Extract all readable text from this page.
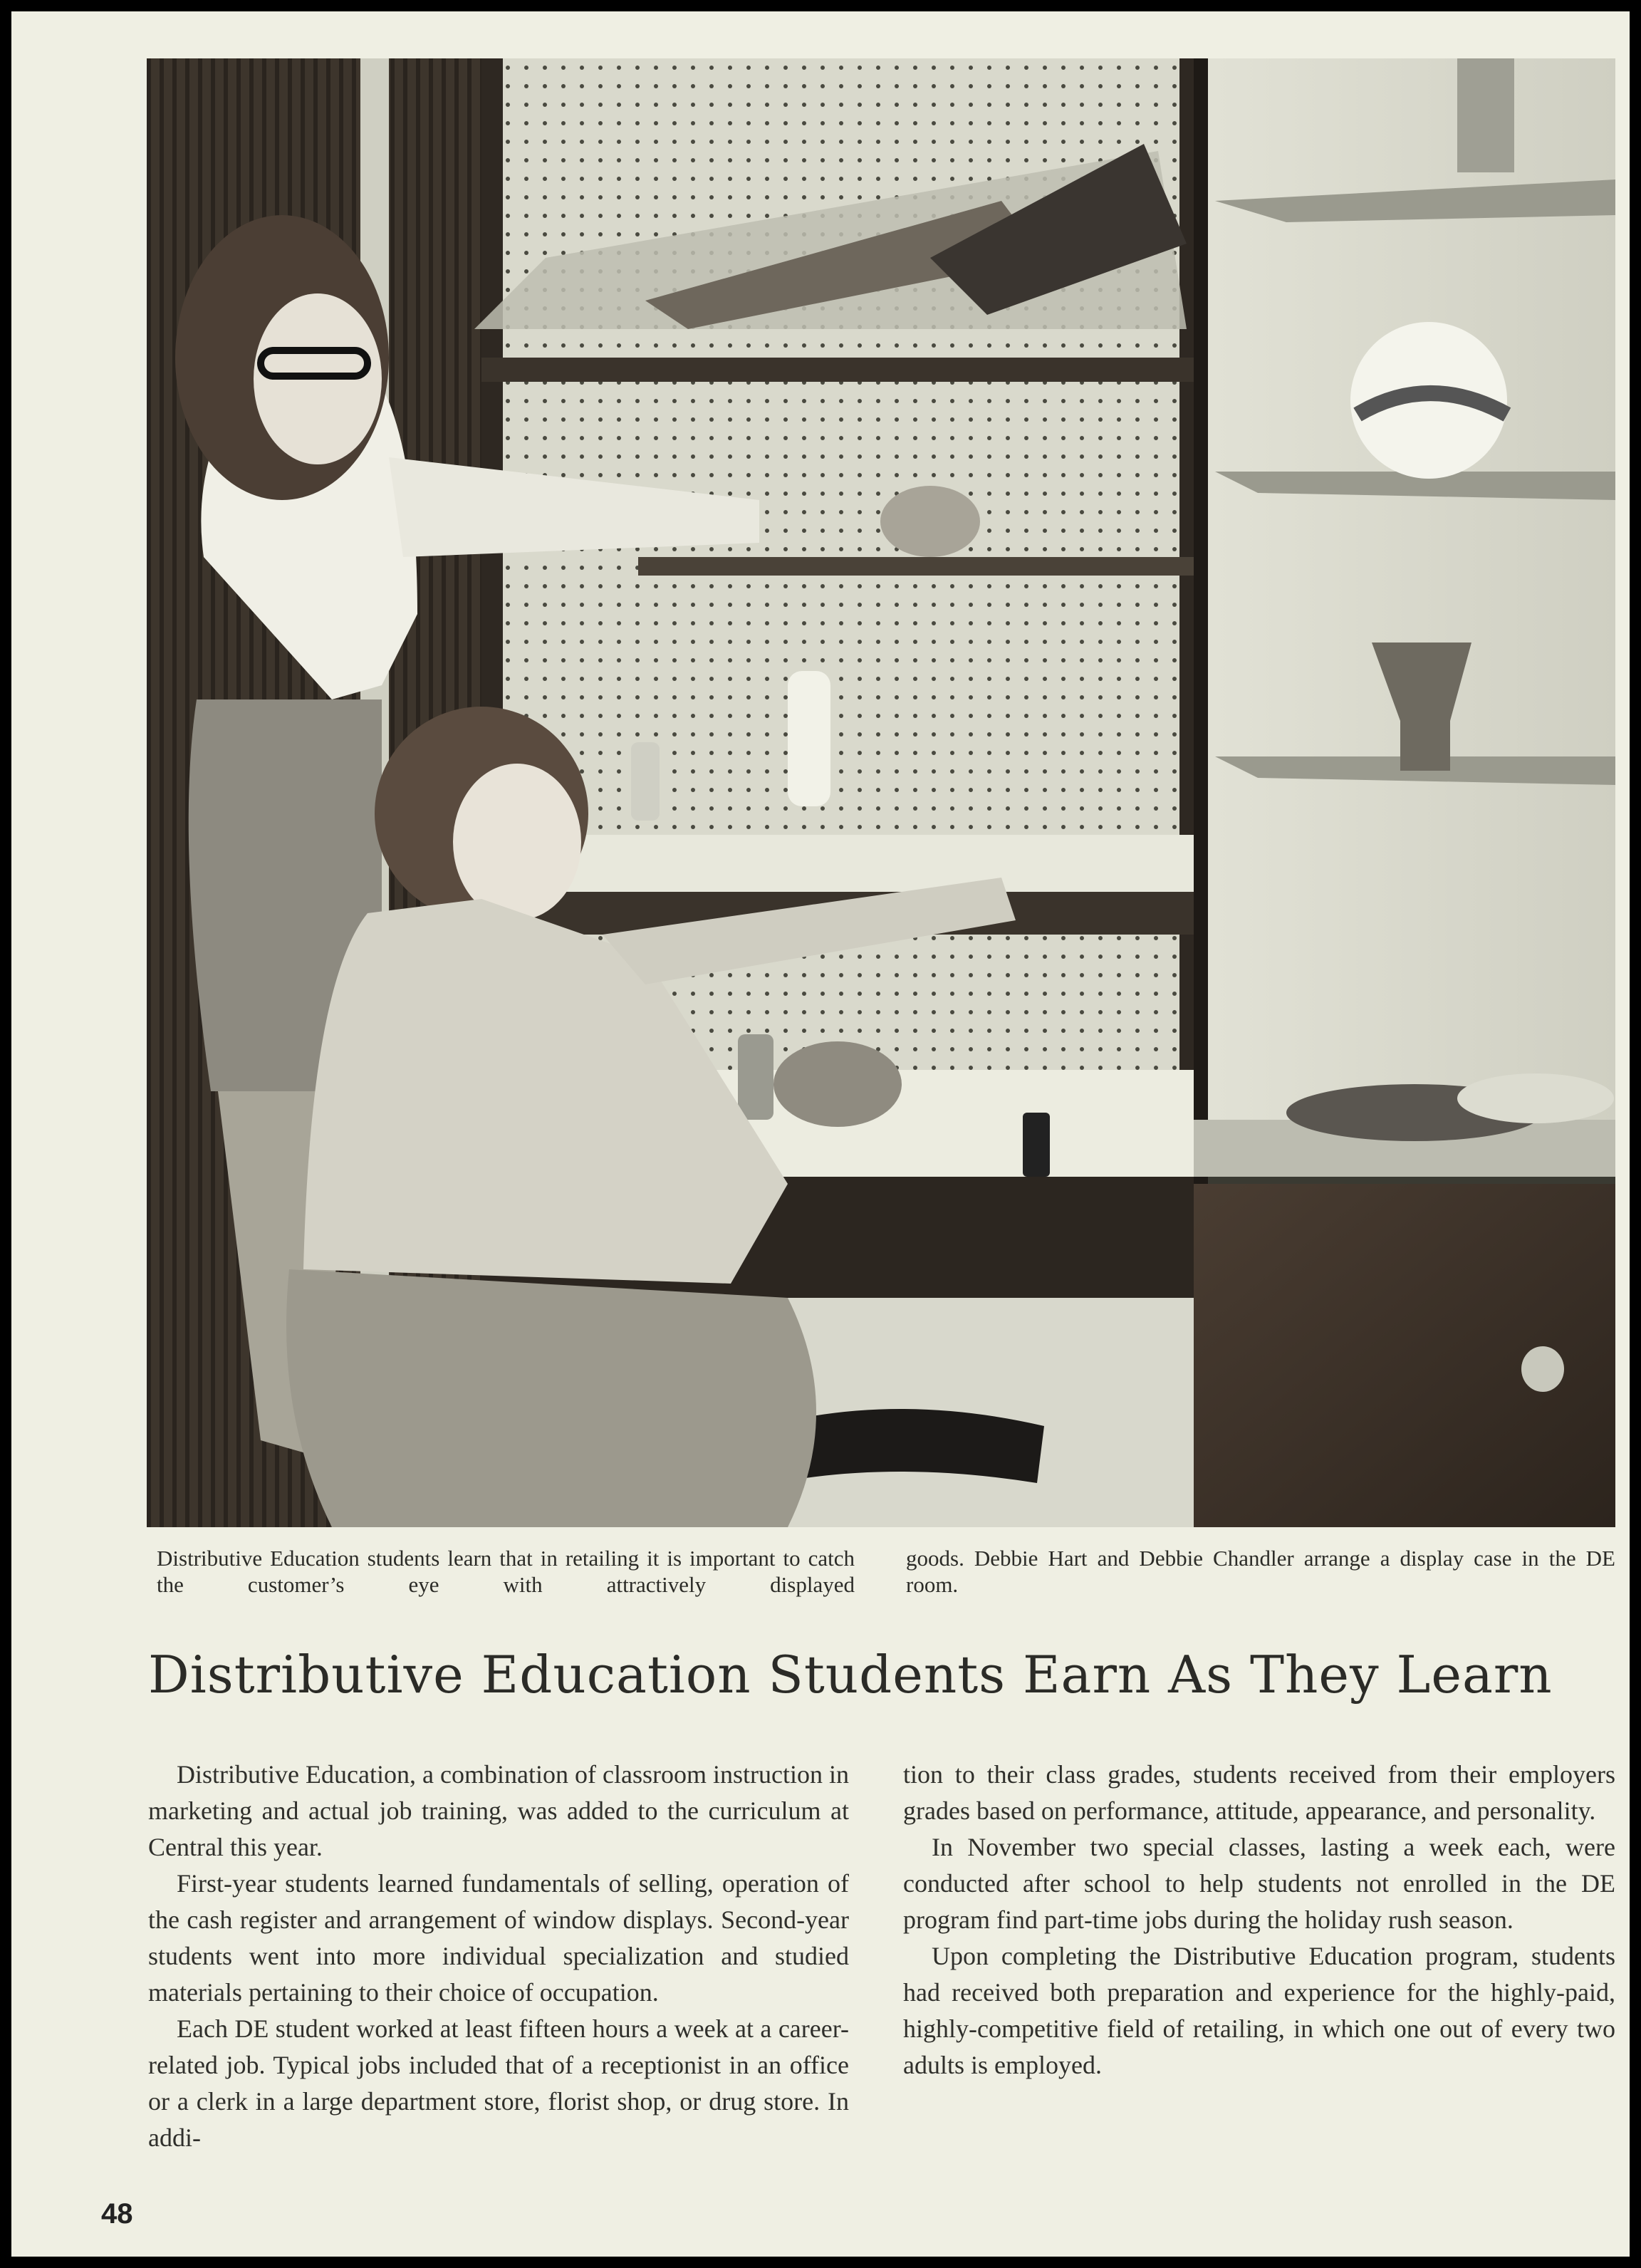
Distributive Education students learn that in retailing it is important to catch the customer’s eye with attractively displayed

goods. Debbie Hart and Debbie Chandler arrange a display case in the DE room.

Distributive Education Students Earn As They Learn

Distributive Education, a combination of classroom instruction in marketing and actual job training, was added to the curriculum at Central this year.

First-year students learned fundamentals of selling, operation of the cash register and arrangement of window displays. Second-year students went into more individual specialization and studied materials pertaining to their choice of occupation.

Each DE student worked at least fifteen hours a week at a career-related job. Typical jobs included that of a receptionist in an office or a clerk in a large department store, florist shop, or drug store. In addi-

tion to their class grades, students received from their employers grades based on performance, attitude, appearance, and personality.

In November two special classes, lasting a week each, were conducted after school to help students not enrolled in the DE program find part-time jobs during the holiday rush season.

Upon completing the Distributive Education program, students had received both preparation and experience for the highly-paid, highly-competitive field of retailing, in which one out of every two adults is employed.

48
